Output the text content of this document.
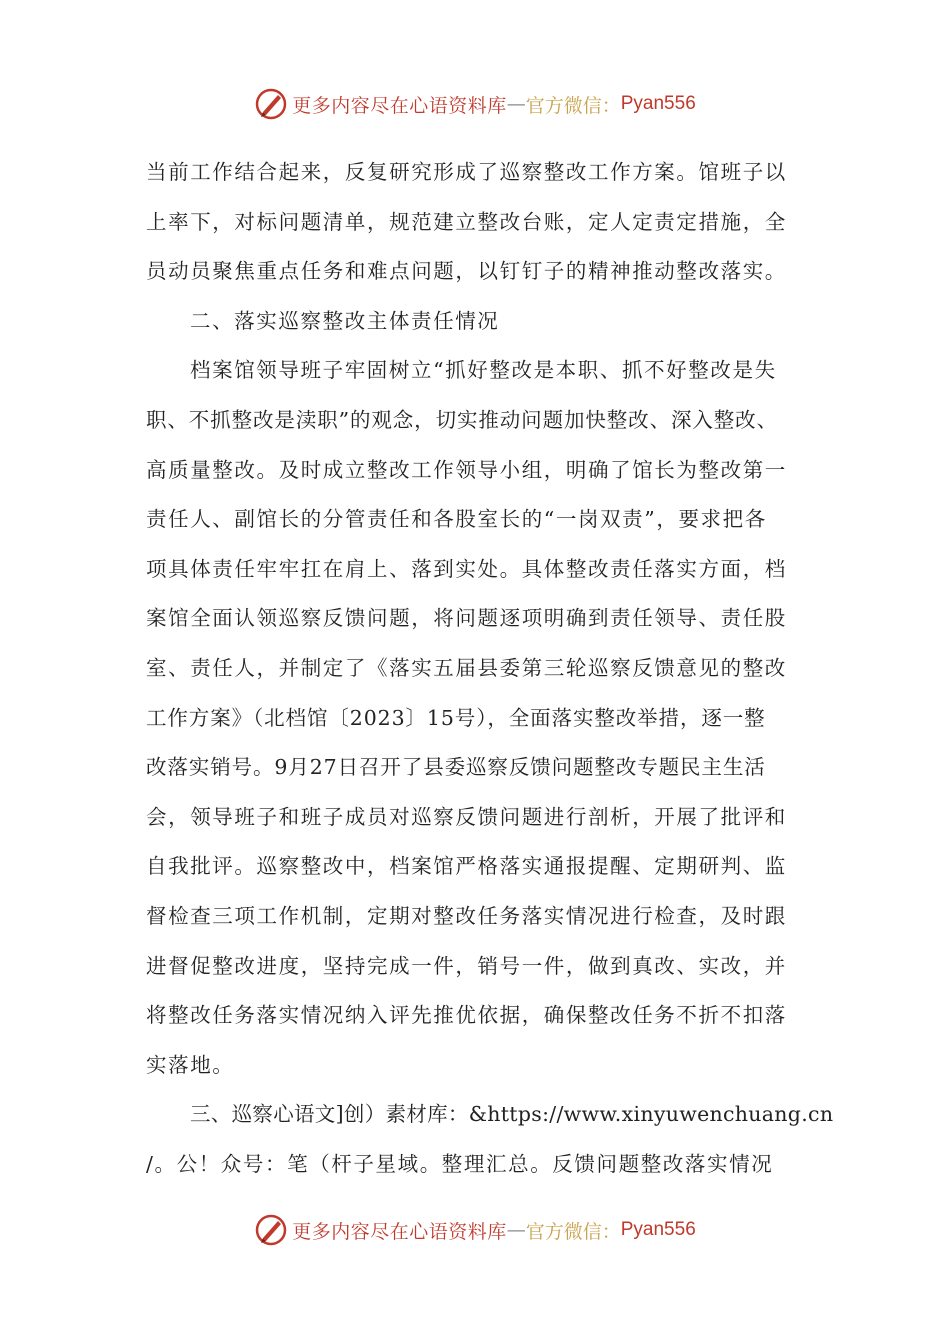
更多内容尽在心语资料库 — 官方微信： Pyan556
当前工作结合起来，反复研究形成了巡察整改工作方案。馆班子以
上率下，对标问题清单，规范建立整改台账，定人定责定措施，全
员动员聚焦重点任务和难点问题，以钉钉子的精神推动整改落实。
二、落实巡察整改主体责任情况
档案馆领导班子牢固树立“抓好整改是本职、抓不好整改是失
职、不抓整改是渎职”的观念，切实推动问题加快整改、深入整改、
高质量整改。及时成立整改工作领导小组，明确了馆长为整改第一
责任人、副馆长的分管责任和各股室长的“一岗双责”，要求把各
项具体责任牢牢扛在肩上、落到实处。具体整改责任落实方面，档
案馆全面认领巡察反馈问题，将问题逐项明确到责任领导、责任股
室、责任人，并制定了《落实五届县委第三轮巡察反馈意见的整改
工作方案》（北档馆〔2023〕15号），全面落实整改举措，逐一整
改落实销号。9月27日召开了县委巡察反馈问题整改专题民主生活
会，领导班子和班子成员对巡察反馈问题进行剖析，开展了批评和
自我批评。巡察整改中，档案馆严格落实通报提醒、定期研判、监
督检查三项工作机制，定期对整改任务落实情况进行检查，及时跟
进督促整改进度，坚持完成一件，销号一件，做到真改、实改，并
将整改任务落实情况纳入评先推优依据，确保整改任务不折不扣落
实落地。
三、巡察心语文]创）素材库：&https://www.xinyuwenchuang.cn
/。公！众号：笔（杆子星域。整理汇总。反馈问题整改落实情况
更多内容尽在心语资料库 — 官方微信： Pyan556
